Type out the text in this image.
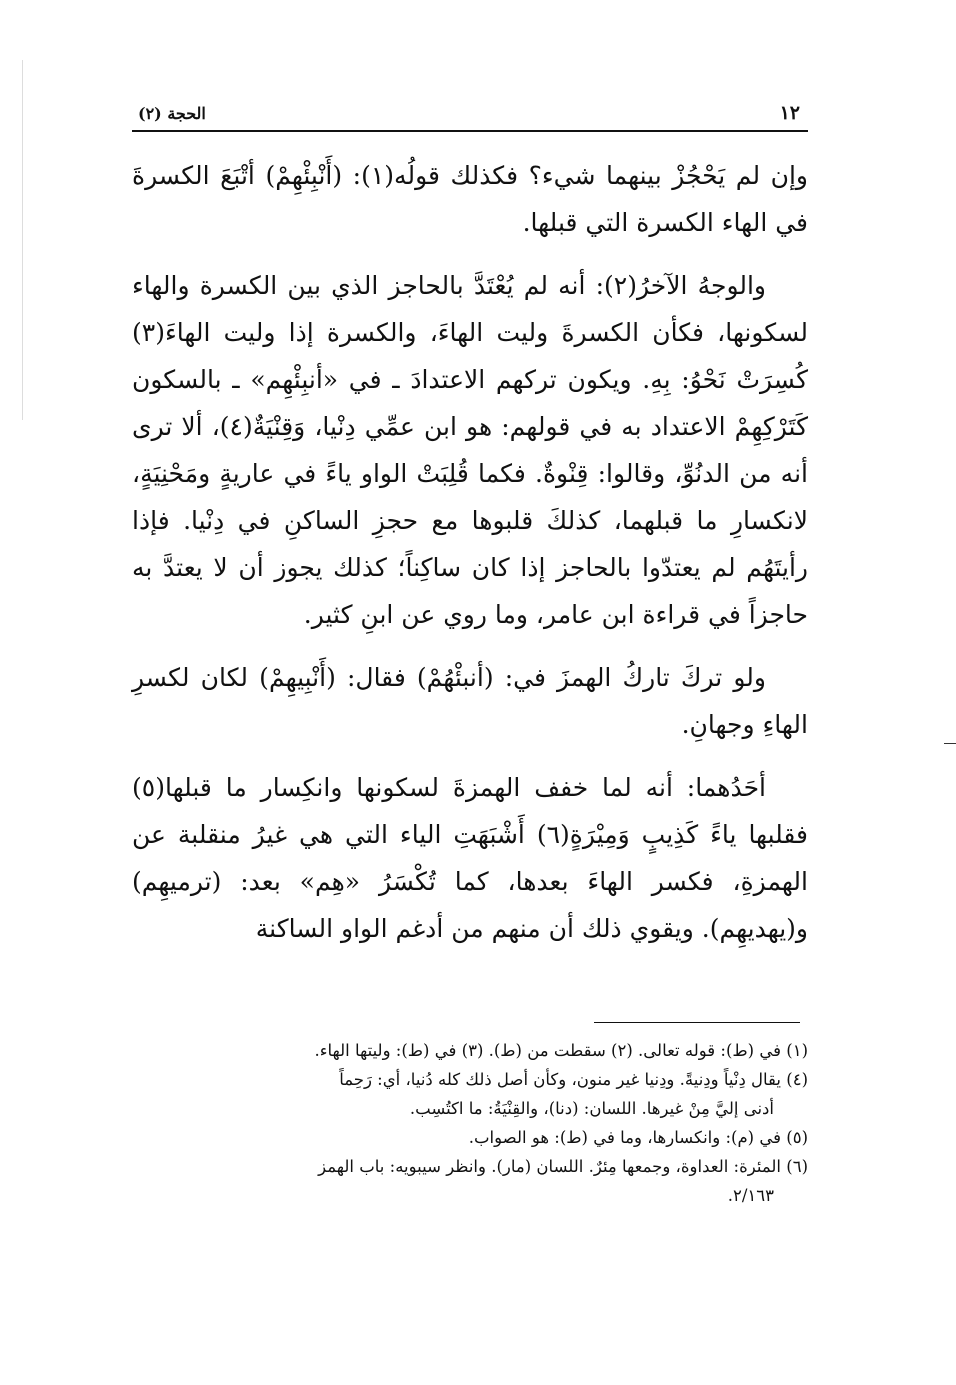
١٢
الحجة (٢)

وإن لم يَحْجُزْ بينهما شيء؟ فكذلك قولُه(١): (أَنْبِئْهِمْ) أتْبَعَ الكسرةَ في الهاء الكسرة التي قبلها.

والوجهُ الآخرُ(٢): أنه لم يُعْتَدَّ بالحاجز الذي بين الكسرة والهاء لسكونها، فكأن الكسرةَ وليت الهاءَ، والكسرة إذا وليت الهاءَ(٣) كُسِرَتْ نَحْوُ: بِهِ. ويكون تركهم الاعتدادَ ـ في «أنبِئْهِم» ـ بالسكون كَتَرْكِهِمْ الاعتداد به في قولهم: هو ابن عمِّي دِنْيا، وَقِنْيَةٌ(٤)، ألا ترى أنه من الدنُوِّ، وقالوا: قِنْوةٌ. فكما قُلِبَتْ الواو ياءً في عاريةٍ ومَحْنِيَةٍ، لانكسارِ ما قبلهما، كذلكَ قلبوها مع حجزِ الساكنِ في دِنْيا. فإذا رأيتَهُم لم يعتدّوا بالحاجز إذا كان ساكِناً؛ كذلك يجوز أن لا يعتدَّ به حاجزاً في قراءة ابن عامر، وما روي عن ابنِ كثير.

ولو تركَ تاركُ الهمزَ في: (أنبئْهُمْ) فقال: (أَنْبِيهِمْ) لكان لكسرِ الهاءِ وجهانِ.

أحَدُهما: أنه لما خفف الهمزةَ لسكونها وانكِسار ما قبلها(٥) فقلبها ياءً كَذِيبٍ وَمِيْرَةٍ(٦) أَشْبَهَتِ الياء التي هي غيرُ منقلبة عن الهمزةِ، فكسر الهاءَ بعدها، كما تُكْسَرُ «هِم» بعد: (ترميهِم) و(يهديهِم). ويقوي ذلك أن منهم من أدغم الواو الساكنة

(١) في (ط): قوله تعالى. (٢) سقطت من (ط). (٣) في (ط): وليتها الهاء.

(٤) يقال دِنْياً ودِنيةً. ودِنيا غير منون، وكأن أصل ذلك كله دُنيا، أي: رَحِماً

أدنى إليَّ مِنْ غيرها. اللسان: (دنا)، والقِنْيَةُ: ما اكتُسِب.

(٥) في (م): وانكسارها، وما في (ط): هو الصواب.

(٦) المئرة: العداوة، وجمعها مِئرٌ. اللسان (مار). وانظر سيبويه: باب الهمز

٢/١٦٣.
